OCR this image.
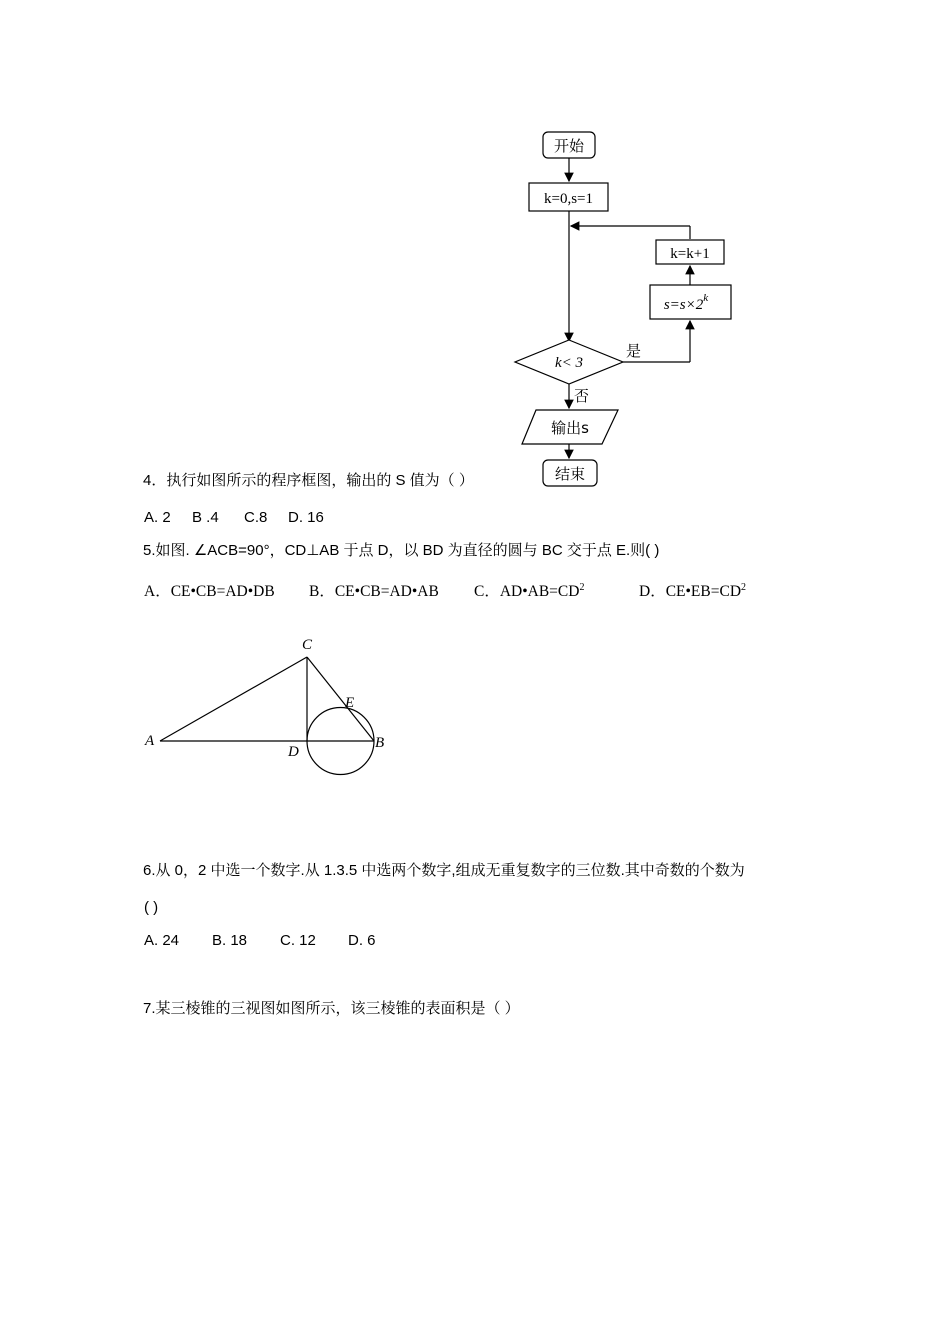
开始
k=0,s=1
k=k+1
$s=s\times 2^k$
k< 3
是
否
输出s
结束
4．执行如图所示的程序框图，输出的 S 值为（ ）
A. 2 B .4 C.8 D. 16
5.如图. ∠ACB=90°，CD⊥AB 于点 D，以 BD 为直径的圆与 BC 交于点 E.则( )
A．CE•CB=AD•DB B．CE•CB=AD•AB C．$AD•AB=CD^2$	D．$CE•EB=CD^2$
A
C
D
B
E
6.从 0，2 中选一个数字.从 1.3.5 中选两个数字,组成无重复数字的三位数.其中奇数的个数为
( )
A. 24 B. 18 C. 12 D. 6
7.某三棱锥的三视图如图所示，该三棱锥的表面积是（ ）
